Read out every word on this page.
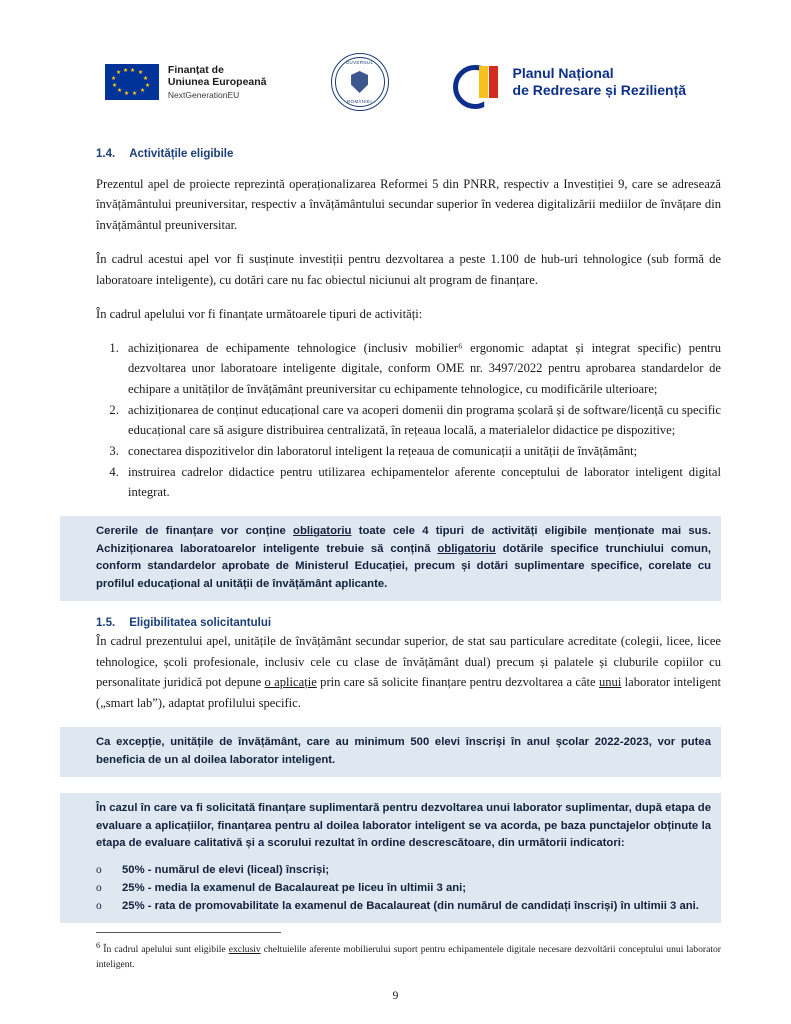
★ ★
★
★
★
★
★
★
★
★
★ ★	Finanțat de
Uniunea Europeană
NextGenerationEU
GUVERNUL
ROMÂNIEI
Planul Național
de Redresare și Reziliență
1.4. Activitățile eligibile

Prezentul apel de proiecte reprezintă operaționalizarea Reformei 5 din PNRR, respectiv a Investiției 9, care se adresează învățământului preuniversitar, respectiv a învățământului secundar superior în vederea digitalizării mediilor de învățare din învățământul preuniversitar.

În cadrul acestui apel vor fi susținute investiții pentru dezvoltarea a peste 1.100 de hub-uri tehnologice (sub formă de laboratoare inteligente), cu dotări care nu fac obiectul niciunui alt program de finanțare.

În cadrul apelului vor fi finanțate următoarele tipuri de activități:

1. achiziționarea de echipamente tehnologice (inclusiv mobilier⁶ ergonomic adaptat și integrat specific) pentru dezvoltarea unor laboratoare inteligente digitale, conform OME nr. 3497/2022 pentru aprobarea standardelor de echipare a unităților de învățământ preuniversitar cu echipamente tehnologice, cu modificările ulterioare;
2. achiziționarea de conținut educațional care va acoperi domenii din programa școlară și de software/licență cu specific educațional care să asigure distribuirea centralizată, în rețeaua locală, a materialelor didactice pe dispozitive;
3. conectarea dispozitivelor din laboratorul inteligent la rețeaua de comunicații a unității de învățământ;
4. instruirea cadrelor didactice pentru utilizarea echipamentelor aferente conceptului de laborator inteligent digital integrat.
Cererile de finanțare vor conține obligatoriu toate cele 4 tipuri de activități eligibile menționate mai sus. Achiziționarea laboratoarelor inteligente trebuie să conțină obligatoriu dotările specifice trunchiului comun, conform standardelor aprobate de Ministerul Educației, precum și dotări suplimentare specifice, corelate cu profilul educațional al unității de învățământ aplicante.
1.5. Eligibilitatea solicitantului

În cadrul prezentului apel, unitățile de învățământ secundar superior, de stat sau particulare acreditate (colegii, licee, licee tehnologice, școli profesionale, inclusiv cele cu clase de învățământ dual) precum și palatele și cluburile copiilor cu personalitate juridică pot depune o aplicație prin care să solicite finanțare pentru dezvoltarea a câte unui laborator inteligent („smart lab”), adaptat profilului specific.

Ca excepție, unitățile de învățământ, care au minimum 500 elevi înscriși în anul școlar 2022-2023, vor putea beneficia de un al doilea laborator inteligent.
În cazul în care va fi solicitată finanțare suplimentară pentru dezvoltarea unui laborator suplimentar, după etapa de evaluare a aplicațiilor, finanțarea pentru al doilea laborator inteligent se va acorda, pe baza punctajelor obținute la etapa de evaluare calitativă și a scorului rezultat în ordine descrescătoare, din următorii indicatori:
o 50% - numărul de elevi (liceal) înscriși;
o 25% - media la examenul de Bacalaureat pe liceu în ultimii 3 ani;
o 25% - rata de promovabilitate la examenul de Bacalaureat (din numărul de candidați înscriși) în ultimii 3 ani.
$^6$ În cadrul apelului sunt eligibile exclusiv cheltuielile aferente mobilierului suport pentru echipamentele digitale necesare dezvoltării conceptului unui laborator inteligent.
9
